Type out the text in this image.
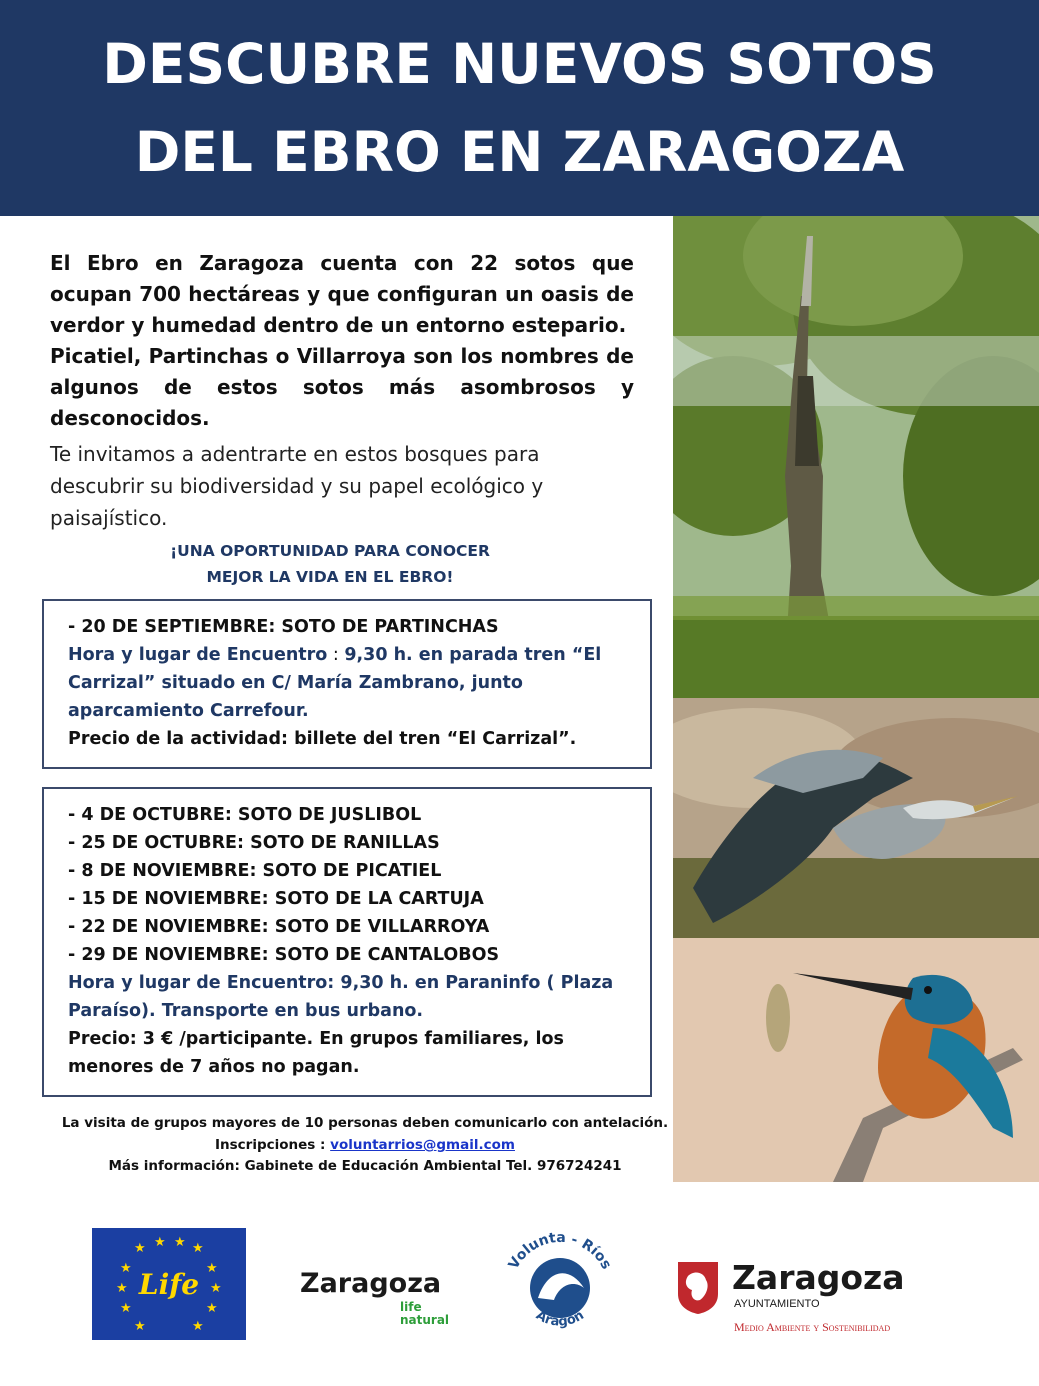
DESCUBRE NUEVOS SOTOS
DEL EBRO EN ZARAGOZA

El Ebro en Zaragoza cuenta con 22 sotos que ocupan 700 hectáreas y que configuran un oasis de verdor y humedad dentro de un entorno estepario.

Picatiel, Partinchas o Villarroya son los nombres de algunos de estos sotos más asombrosos y desconocidos.

Te invitamos a adentrarte en estos bosques para
descubrir su biodiversidad y su papel ecológico y
paisajístico.
¡UNA OPORTUNIDAD PARA CONOCER
MEJOR LA VIDA EN EL EBRO!
- 20 DE SEPTIEMBRE: SOTO DE PARTINCHAS
Hora y lugar de Encuentro : 9,30 h. en parada tren “El
Carrizal” situado en C/ María Zambrano, junto
aparcamiento Carrefour.
Precio de la actividad: billete del tren “El Carrizal”.
- 4 DE OCTUBRE: SOTO DE JUSLIBOL
- 25 DE OCTUBRE: SOTO DE RANILLAS
- 8 DE NOVIEMBRE: SOTO DE PICATIEL
- 15 DE NOVIEMBRE: SOTO DE LA CARTUJA
- 22 DE NOVIEMBRE: SOTO DE VILLARROYA
- 29 DE NOVIEMBRE: SOTO DE CANTALOBOS
Hora y lugar de Encuentro: 9,30 h. en Paraninfo ( Plaza
Paraíso). Transporte en bus urbano.
Precio: 3 € /participante. En grupos familiares, los
menores de 7 años no pagan.
La visita de grupos mayores de 10 personas deben comunicarlo con antelación.
Inscripciones : voluntarrios@gmail.com
Más información: Gabinete de Educación Ambiental Tel. 976724241
★ ★ ★ ★
★	★
★	★
★	★
★	★
Life	Zaragoza
life
natural
Volunta - Ríos
Aragón
Zaragoza
AYUNTAMIENTO
Medio Ambiente y Sostenibilidad
